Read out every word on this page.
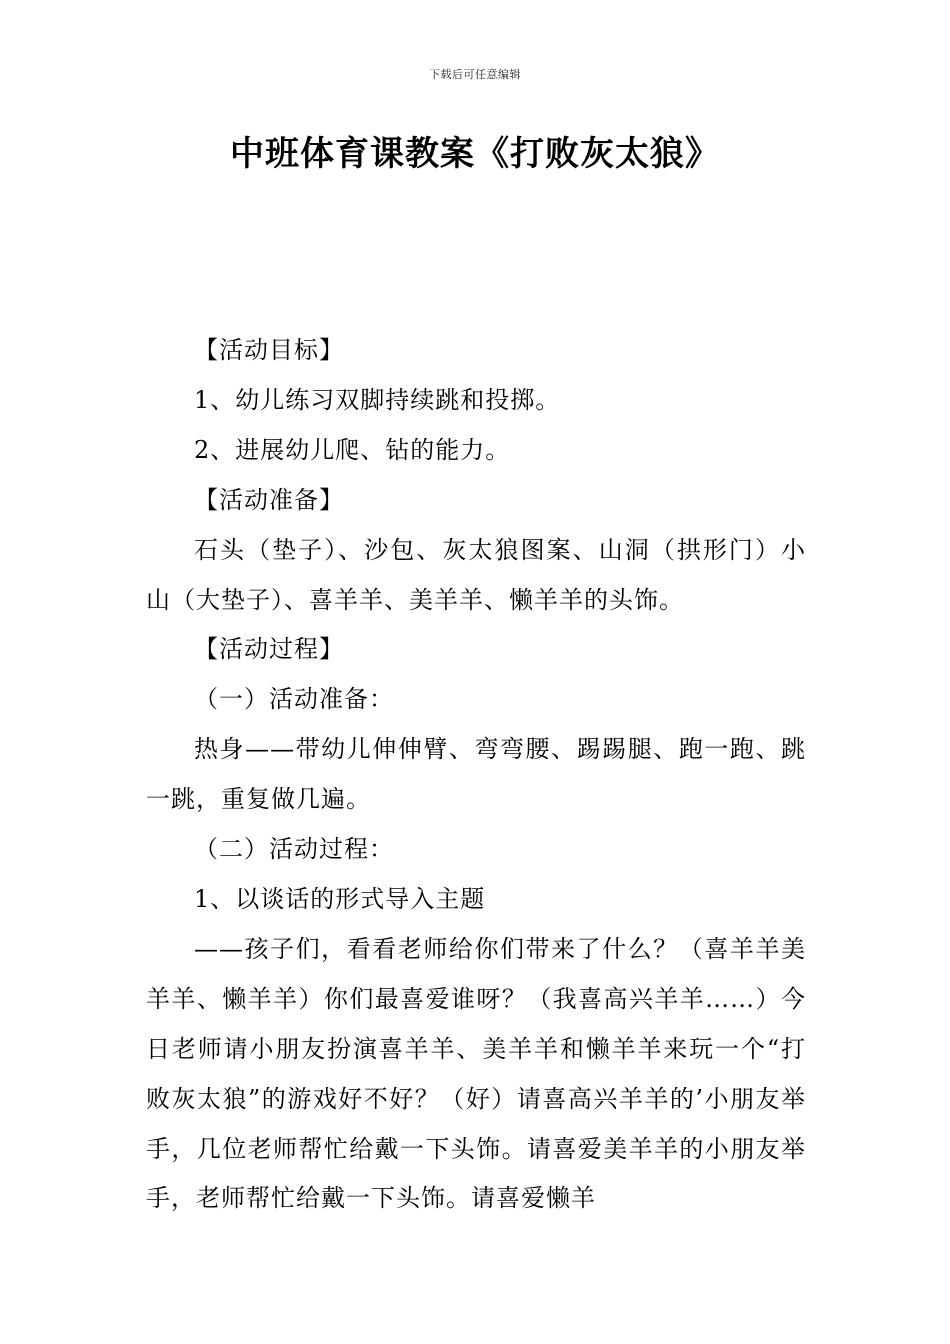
下载后可任意编辑
中班体育课教案《打败灰太狼》

【活动目标】

1、幼儿练习双脚持续跳和投掷。

2、进展幼儿爬、钻的能力。

【活动准备】

石头（垫子）、沙包、灰太狼图案、山洞（拱形门）小山（大垫子）、喜羊羊、美羊羊、懒羊羊的头饰。

【活动过程】

（一）活动准备：

热身——带幼儿伸伸臂、弯弯腰、踢踢腿、跑一跑、跳一跳，重复做几遍。

（二）活动过程：

1、以谈话的形式导入主题

——孩子们，看看老师给你们带来了什么？（喜羊羊美羊羊、懒羊羊）你们最喜爱谁呀？（我喜高兴羊羊……）今日老师请小朋友扮演喜羊羊、美羊羊和懒羊羊来玩一个“打败灰太狼”的游戏好不好？（好）请喜高兴羊羊的’小朋友举手，几位老师帮忙给戴一下头饰。请喜爱美羊羊的小朋友举手，老师帮忙给戴一下头饰。请喜爱懒羊
